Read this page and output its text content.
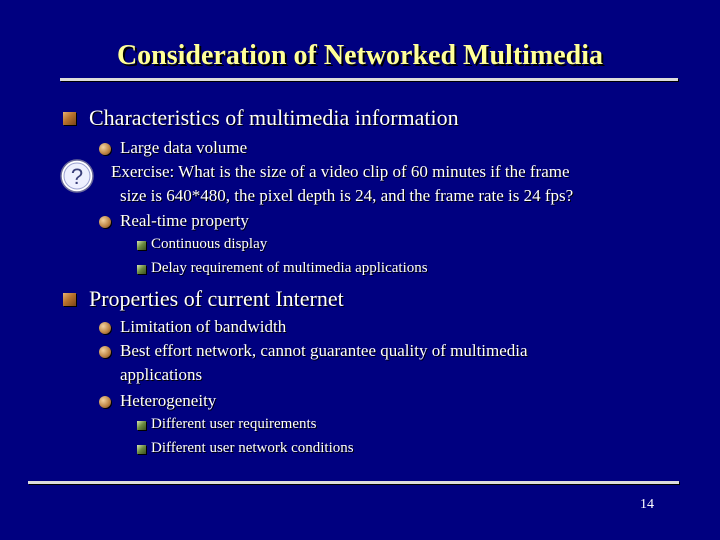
Consideration of Networked Multimedia
Characteristics of multimedia information
Large data volume
? Exercise: What is the size of a video clip of 60 minutes if the frame
size is 640*480, the pixel depth is 24, and the frame rate is 24 fps?
Real-time property
Continuous display
Delay requirement of multimedia applications
Properties of current Internet
Limitation of bandwidth
Best effort network, cannot guarantee quality of multimedia
applications
Heterogeneity
Different user requirements
Different user network conditions
14
